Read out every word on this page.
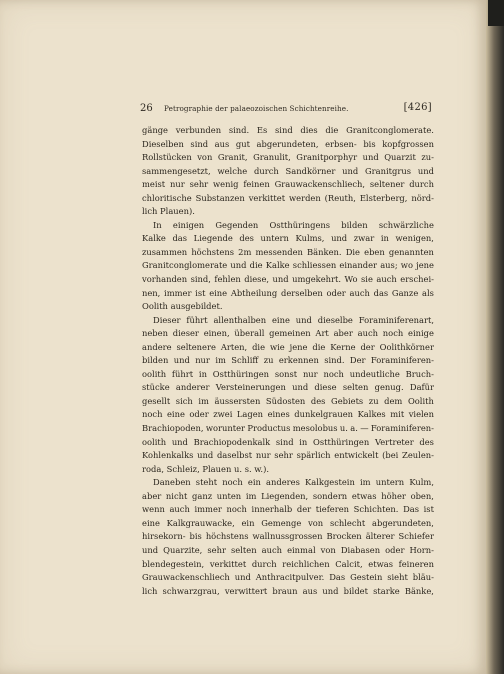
26 Petrographie der palaeozoischen Schichtenreihe.	[426]
gänge verbunden sind. Es sind dies die Granitconglomerate.
Dieselben sind aus gut abgerundeten, erbsen- bis kopfgrossen
Rollstücken von Granit, Granulit, Granitporphyr und Quarzit zu-
sammengesetzt, welche durch Sandkörner und Granitgrus und
meist nur sehr wenig feinen Grauwackenschliech, seltener durch
chloritische Substanzen verkittet werden (Reuth, Elsterberg, nörd-
lich Plauen).
In einigen Gegenden Ostthüringens bilden schwärzliche
Kalke das Liegende des untern Kulms, und zwar in wenigen,
zusammen höchstens 2m messenden Bänken. Die eben genannten
Granitconglomerate und die Kalke schliessen einander aus; wo jene
vorhanden sind, fehlen diese, und umgekehrt. Wo sie auch erschei-
nen, immer ist eine Abtheilung derselben oder auch das Ganze als
Oolith ausgebildet.
Dieser führt allenthalben eine und dieselbe Foraminiferenart,
neben dieser einen, überall gemeinen Art aber auch noch einige
andere seltenere Arten, die wie jene die Kerne der Oolithkörner
bilden und nur im Schliff zu erkennen sind. Der Foraminiferen-
oolith führt in Ostthüringen sonst nur noch undeutliche Bruch-
stücke anderer Versteinerungen und diese selten genug. Dafür
gesellt sich im äussersten Südosten des Gebiets zu dem Oolith
noch eine oder zwei Lagen eines dunkelgrauen Kalkes mit vielen
Brachiopoden, worunter Productus mesolobus u. a. — Foraminiferen-
oolith und Brachiopodenkalk sind in Ostthüringen Vertreter des
Kohlenkalks und daselbst nur sehr spärlich entwickelt (bei Zeulen-
roda, Schleiz, Plauen u. s. w.).
Daneben steht noch ein anderes Kalkgestein im untern Kulm,
aber nicht ganz unten im Liegenden, sondern etwas höher oben,
wenn auch immer noch innerhalb der tieferen Schichten. Das ist
eine Kalkgrauwacke, ein Gemenge von schlecht abgerundeten,
hirsekorn- bis höchstens wallnussgrossen Brocken älterer Schiefer
und Quarzite, sehr selten auch einmal von Diabasen oder Horn-
blendegestein, verkittet durch reichlichen Calcit, etwas feineren
Grauwackenschliech und Anthracitpulver. Das Gestein sieht bläu-
lich schwarzgrau, verwittert braun aus und bildet starke Bänke,
